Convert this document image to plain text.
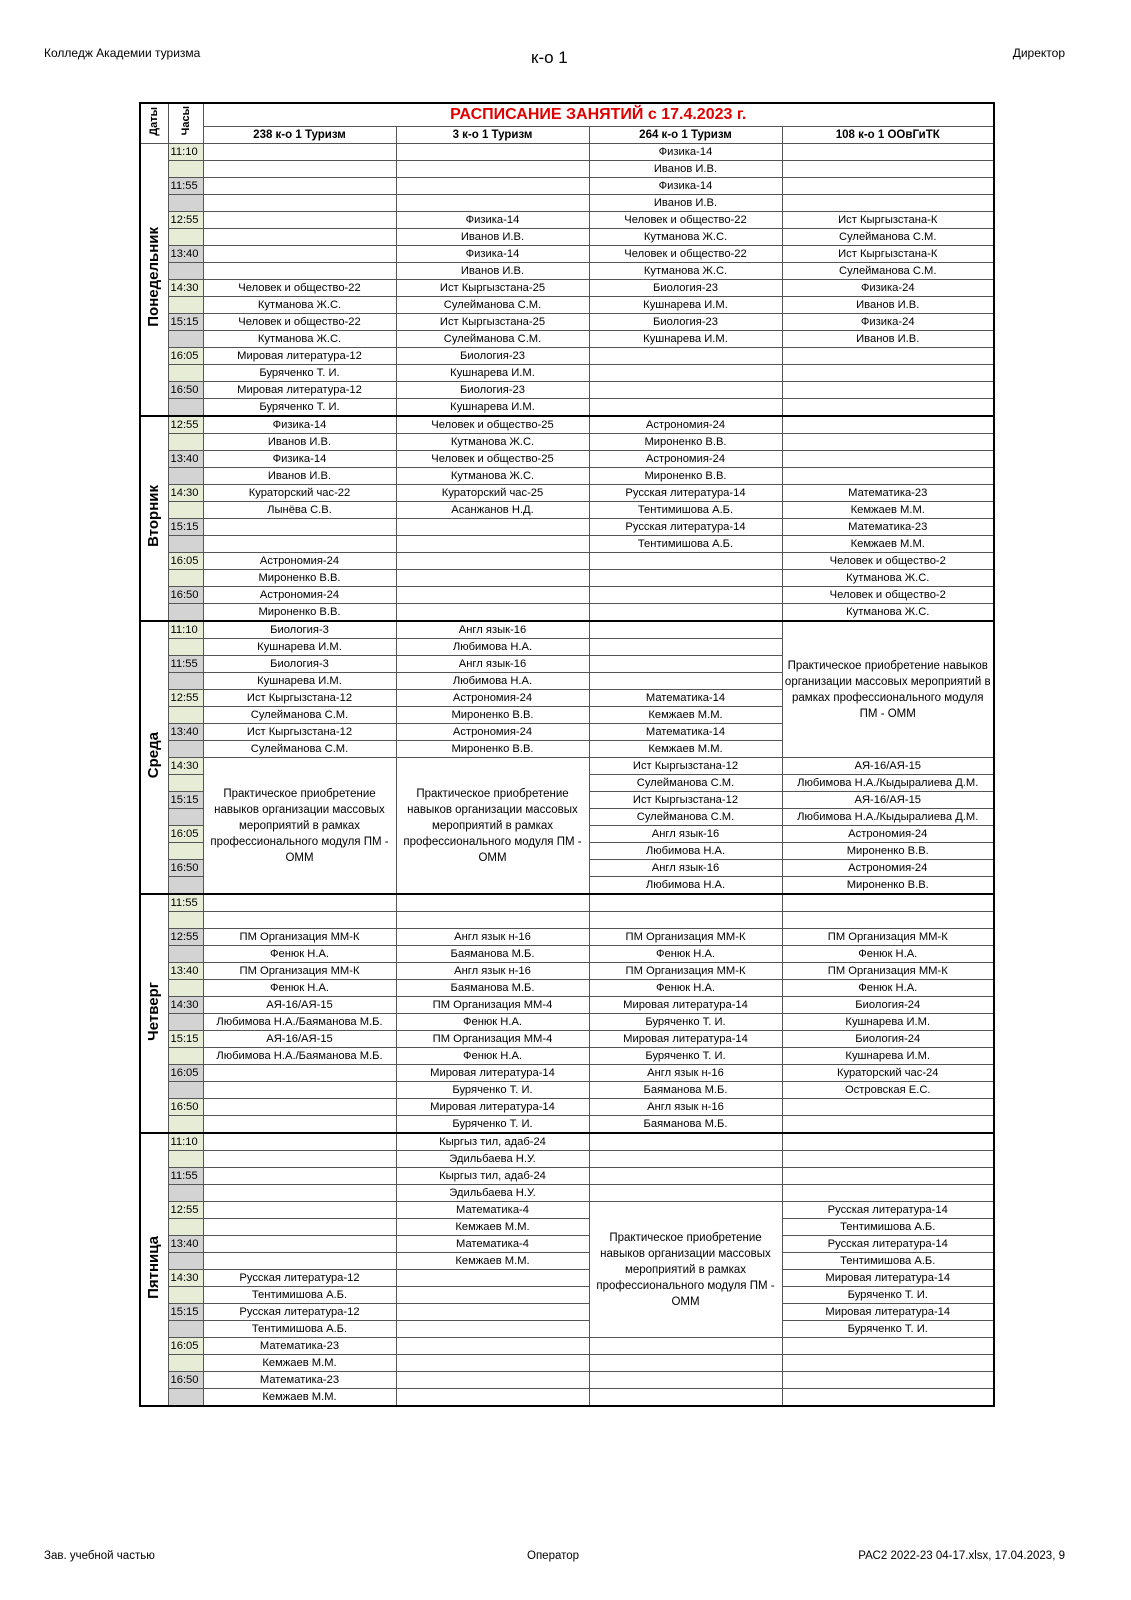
Колледж Академии туризма	к-о 1	Директор
Даты	Часы	РАСПИСАНИЕ ЗАНЯТИЙ с 17.4.2023 г.			
		238 к-о 1 Туризм	3 к-о 1 Туризм	264 к-о 1 Туризм	108 к-о 1 ООвГиТК
Понедельник	11:10			Физика-14	
				Иванов И.В.	
	11:55			Физика-14	
				Иванов И.В.	
	12:55		Физика-14	Человек и общество-22	Ист Кыргызстана-К
			Иванов И.В.	Кутманова Ж.С.	Сулейманова С.М.
	13:40		Физика-14	Человек и общество-22	Ист Кыргызстана-К
			Иванов И.В.	Кутманова Ж.С.	Сулейманова С.М.
	14:30	Человек и общество-22	Ист Кыргызстана-25	Биология-23	Физика-24
		Кутманова Ж.С.	Сулейманова С.М.	Кушнарева И.М.	Иванов И.В.
	15:15	Человек и общество-22	Ист Кыргызстана-25	Биология-23	Физика-24
		Кутманова Ж.С.	Сулейманова С.М.	Кушнарева И.М.	Иванов И.В.
	16:05	Мировая литература-12	Биология-23		
		Буряченко Т. И.	Кушнарева И.М.		
	16:50	Мировая литература-12	Биология-23		
		Буряченко Т. И.	Кушнарева И.М.		
Вторник	12:55	Физика-14	Человек и общество-25	Астрономия-24	
		Иванов И.В.	Кутманова Ж.С.	Мироненко В.В.	
	13:40	Физика-14	Человек и общество-25	Астрономия-24	
		Иванов И.В.	Кутманова Ж.С.	Мироненко В.В.	
	14:30	Кураторский час-22	Кураторский час-25	Русская литература-14	Математика-23
		Лынёва С.В.	Асанжанов Н.Д.	Тентимишова А.Б.	Кемжаев М.М.
	15:15			Русская литература-14	Математика-23
				Тентимишова А.Б.	Кемжаев М.М.
	16:05	Астрономия-24			Человек и общество-2
		Мироненко В.В.			Кутманова Ж.С.
	16:50	Астрономия-24			Человек и общество-2
		Мироненко В.В.			Кутманова Ж.С.
Среда	11:10	Биология-3	Англ язык-16		Практическое приобретение навыков организации массовых мероприятий в рамках профессионального модуля ПМ - ОММ
		Кушнарева И.М.	Любимова Н.А.		
	11:55	Биология-3	Англ язык-16		
		Кушнарева И.М.	Любимова Н.А.		
	12:55	Ист Кыргызстана-12	Астрономия-24	Математика-14	
		Сулейманова С.М.	Мироненко В.В.	Кемжаев М.М.	
	13:40	Ист Кыргызстана-12	Астрономия-24	Математика-14	
		Сулейманова С.М.	Мироненко В.В.	Кемжаев М.М.	
	14:30	Практическое приобретение навыков организации массовых мероприятий в рамках профессионального модуля ПМ - ОММ	Практическое приобретение навыков организации массовых мероприятий в рамках профессионального модуля ПМ - ОММ	Ист Кыргызстана-12	АЯ-16/АЯ-15
				Сулейманова С.М.	Любимова Н.А./Кыдыралиева Д.М.
	15:15			Ист Кыргызстана-12	АЯ-16/АЯ-15
				Сулейманова С.М.	Любимова Н.А./Кыдыралиева Д.М.
	16:05			Англ язык-16	Астрономия-24
				Любимова Н.А.	Мироненко В.В.
	16:50			Англ язык-16	Астрономия-24
				Любимова Н.А.	Мироненко В.В.
Четверг	11:55				

	12:55	ПМ Организация ММ-К	Англ язык н-16	ПМ Организация ММ-К	ПМ Организация ММ-К
		Фенюк Н.А.	Баяманова М.Б.	Фенюк Н.А.	Фенюк Н.А.
	13:40	ПМ Организация ММ-К	Англ язык н-16	ПМ Организация ММ-К	ПМ Организация ММ-К
		Фенюк Н.А.	Баяманова М.Б.	Фенюк Н.А.	Фенюк Н.А.
	14:30	АЯ-16/АЯ-15	ПМ Организация ММ-4	Мировая литература-14	Биология-24
		Любимова Н.А./Баяманова М.Б.	Фенюк Н.А.	Буряченко Т. И.	Кушнарева И.М.
	15:15	АЯ-16/АЯ-15	ПМ Организация ММ-4	Мировая литература-14	Биология-24
		Любимова Н.А./Баяманова М.Б.	Фенюк Н.А.	Буряченко Т. И.	Кушнарева И.М.
	16:05		Мировая литература-14	Англ язык н-16	Кураторский час-24
			Буряченко Т. И.	Баяманова М.Б.	Островская Е.С.
	16:50		Мировая литература-14	Англ язык н-16	
			Буряченко Т. И.	Баяманова М.Б.	
Пятница	11:10		Кыргыз тил, адаб-24		
			Эдильбаева Н.У.		
	11:55		Кыргыз тил, адаб-24		
			Эдильбаева Н.У.		
	12:55		Математика-4	Практическое приобретение навыков организации массовых мероприятий в рамках профессионального модуля ПМ - ОММ	Русская литература-14
			Кемжаев М.М.		Тентимишова А.Б.
	13:40		Математика-4		Русская литература-14
			Кемжаев М.М.		Тентимишова А.Б.
	14:30	Русская литература-12			Мировая литература-14
		Тентимишова А.Б.			Буряченко Т. И.
	15:15	Русская литература-12			Мировая литература-14
		Тентимишова А.Б.			Буряченко Т. И.
	16:05	Математика-23			
		Кемжаев М.М.			
	16:50	Математика-23			
		Кемжаев М.М.			
Зав. учебной частью	Оператор	РАС2 2022-23 04-17.xlsx, 17.04.2023, 9
